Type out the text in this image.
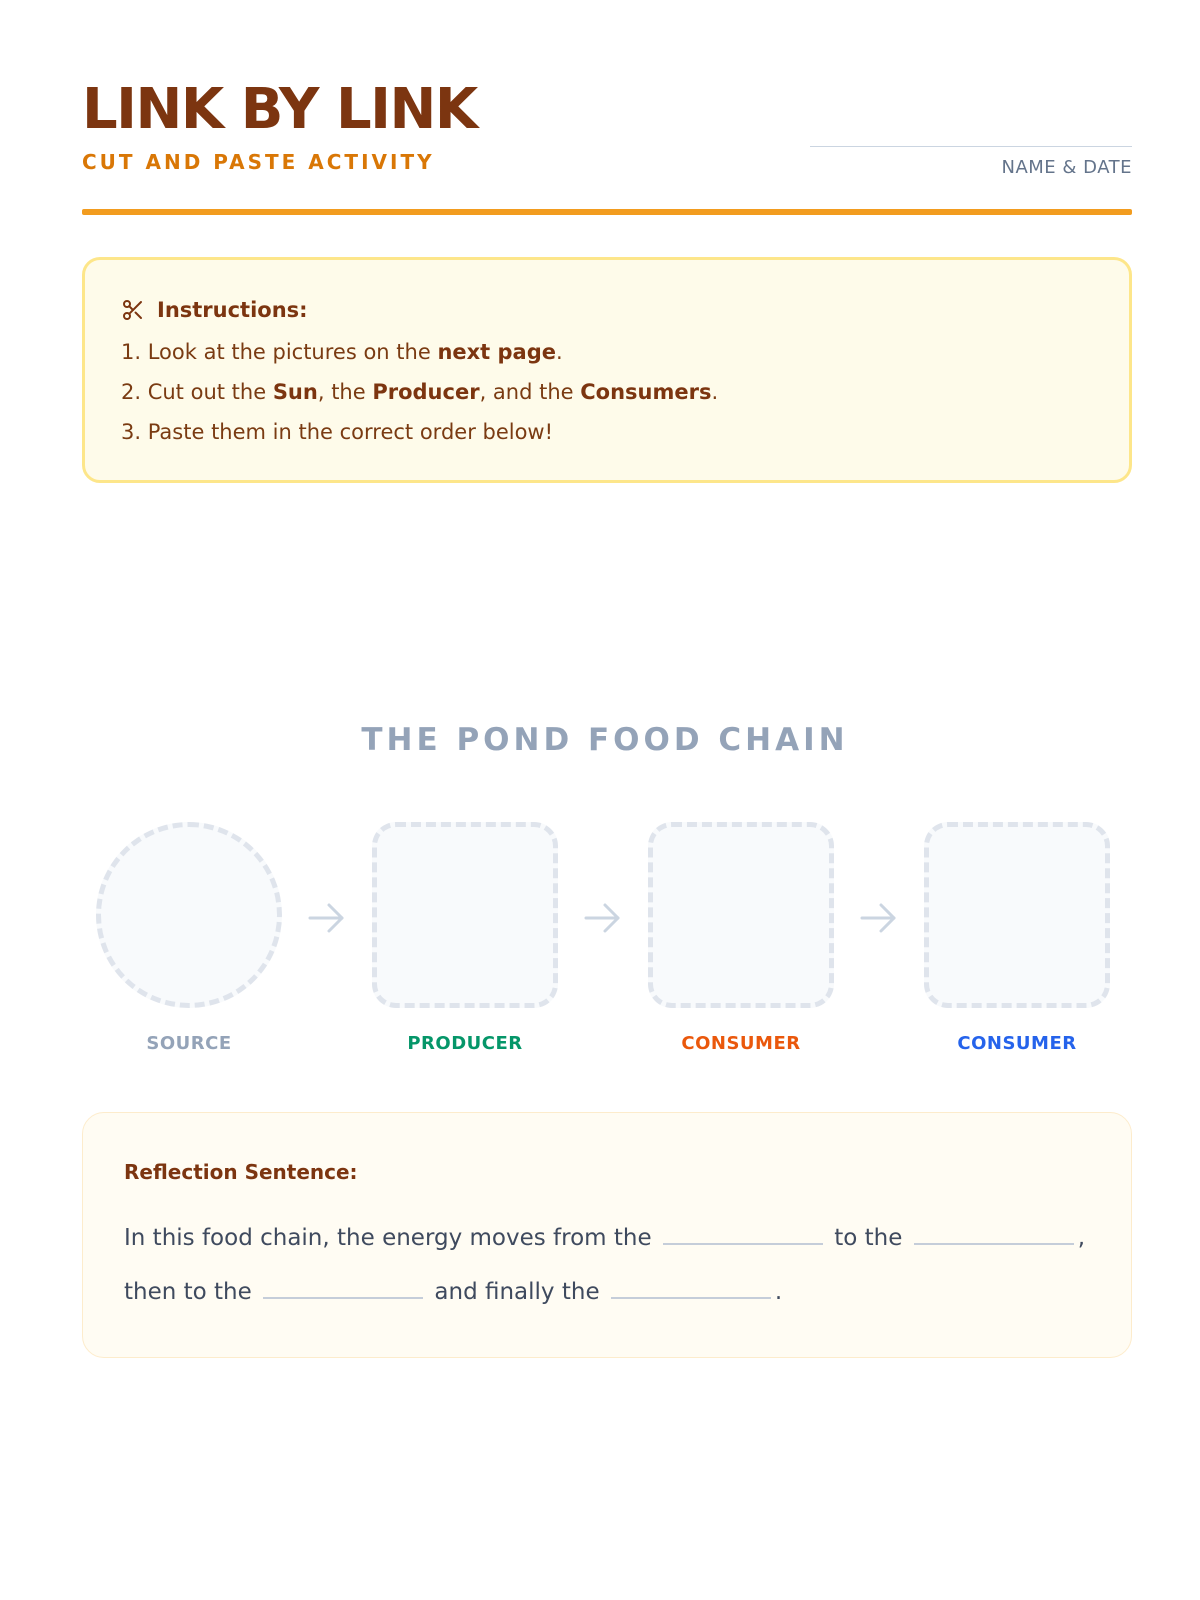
LINK BY LINK
CUT AND PASTE ACTIVITY	NAME & DATE
Instructions:
1. Look at the pictures on the next page.
2. Cut out the Sun, the Producer, and the Consumers.
3. Paste them in the correct order below!
THE POND FOOD CHAIN
SOURCE	PRODUCER	CONSUMER	CONSUMER
Reflection Sentence:
In this food chain, the energy moves from the	to the	,
then to the	and finally the	.
